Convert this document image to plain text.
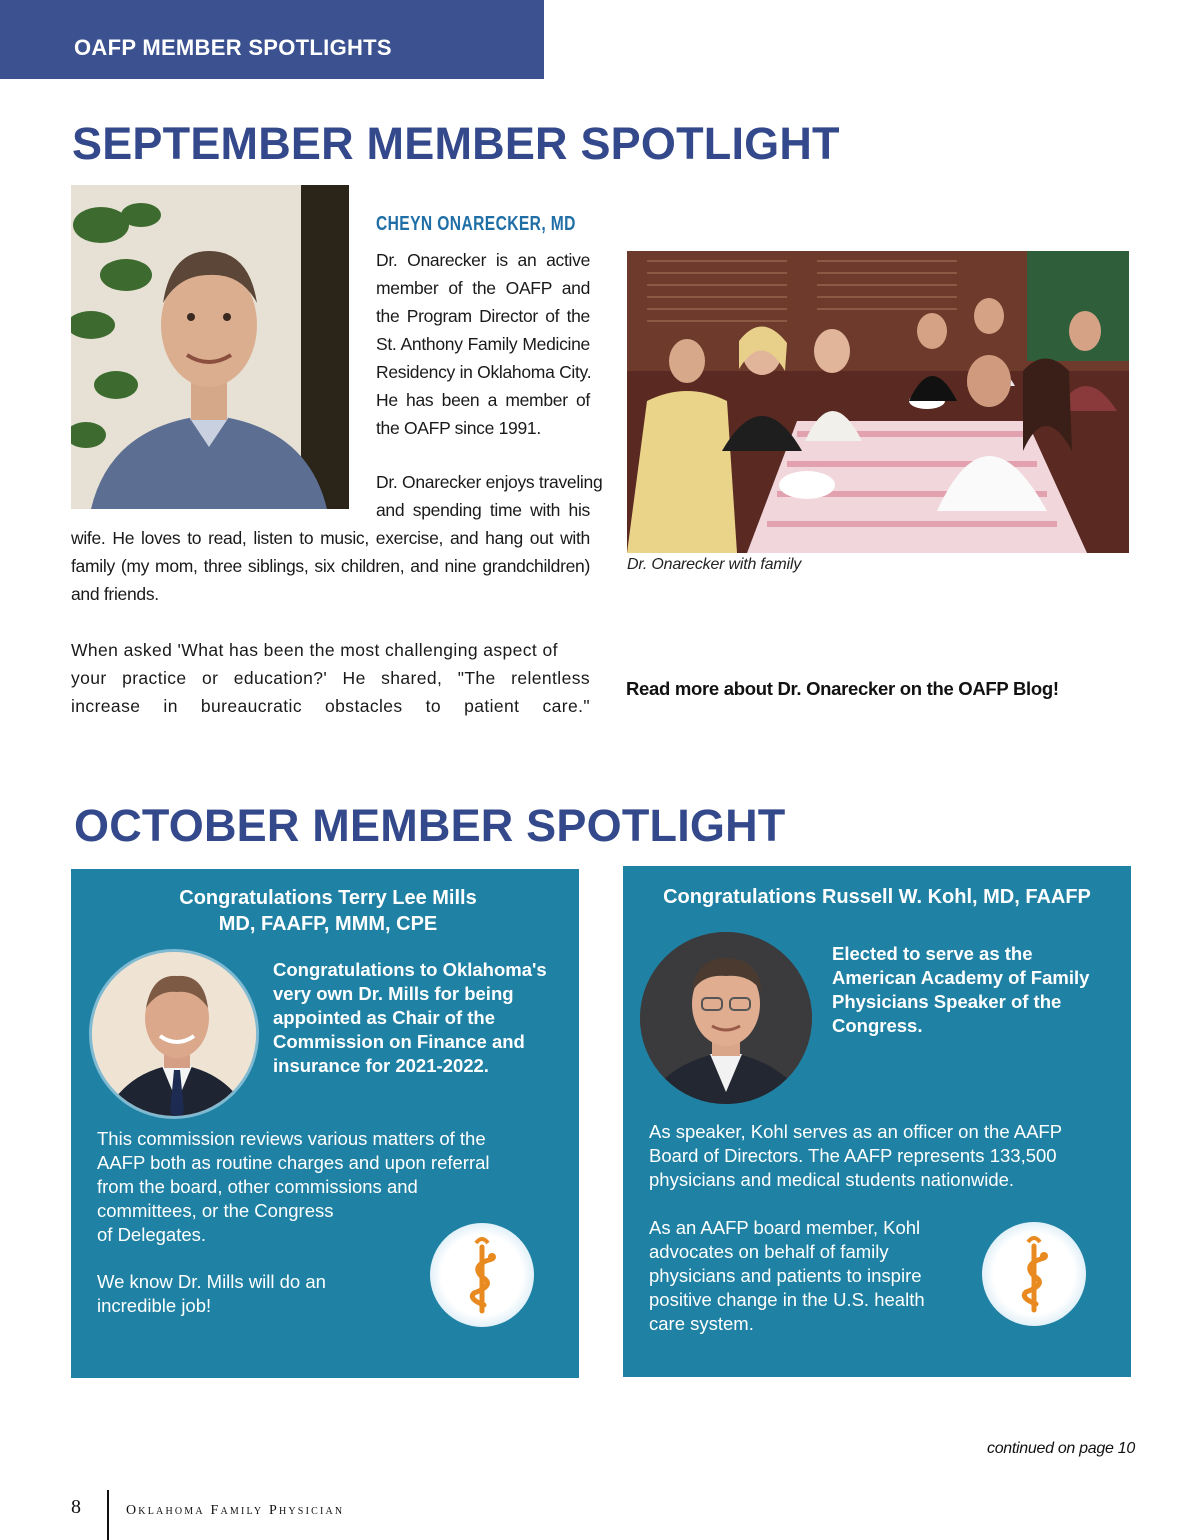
OAFP MEMBER SPOTLIGHTS
SEPTEMBER MEMBER SPOTLIGHT
CHEYN ONARECKER, MD
Dr. Onarecker is an active
member of the OAFP and
the Program Director of the
St. Anthony Family Medicine
Residency in Oklahoma City.
He has been a member of
the OAFP since 1991.
Dr. Onarecker enjoys traveling
and spending time with his
wife. He loves to read, listen to music, exercise, and hang out with
family (my mom, three siblings, six children, and nine grandchildren)
and friends.
When asked 'What has been the most challenging aspect of
your practice or education?' He shared, "The relentless
increase in bureaucratic obstacles to patient care."
Dr. Onarecker with family
Read more about Dr. Onarecker on the OAFP Blog!
OCTOBER MEMBER SPOTLIGHT
Congratulations Terry Lee Mills
MD, FAAFP, MMM, CPE
Congratulations to Oklahoma's
very own Dr. Mills for being
appointed as Chair of the
Commission on Finance and
insurance for 2021-2022.
This commission reviews various matters of the
AAFP both as routine charges and upon referral
from the board, other commissions and
committees, or the Congress
of Delegates.
We know Dr. Mills will do an
incredible job!
Congratulations Russell W. Kohl, MD, FAAFP
Elected to serve as the
American Academy of Family
Physicians Speaker of the
Congress.
As speaker, Kohl serves as an officer on the AAFP
Board of Directors. The AAFP represents 133,500
physicians and medical students nationwide.
As an AAFP board member, Kohl
advocates on behalf of family
physicians and patients to inspire
positive change in the U.S. health
care system.
continued on page 10
8	Oklahoma Family Physician
